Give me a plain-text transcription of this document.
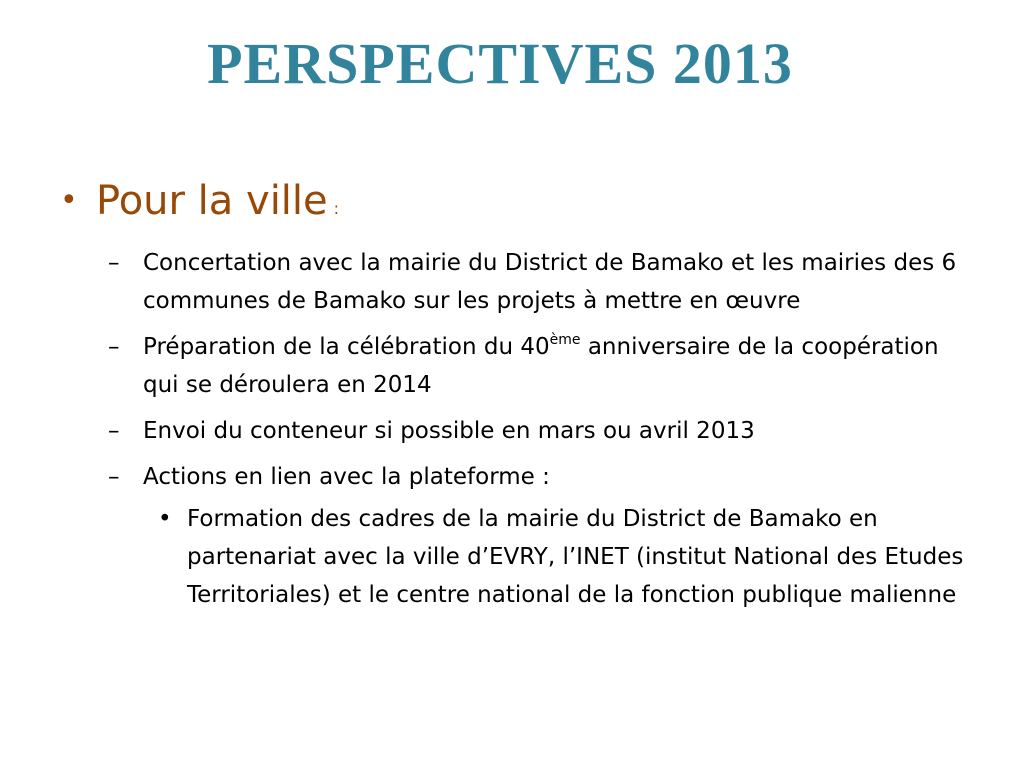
PERSPECTIVES 2013
• Pour la ville :
– Concertation avec la mairie du District de Bamako et les mairies des 6 communes de Bamako sur les projets à mettre en œuvre
– Préparation de la célébration du 40ème anniversaire de la coopération qui se déroulera en 2014
– Envoi du conteneur si possible en mars ou avril 2013
– Actions en lien avec la plateforme :
• Formation des cadres de la mairie du District de Bamako en partenariat avec la ville d’EVRY, l’INET (institut National des Etudes Territoriales) et le centre national de la fonction publique malienne
